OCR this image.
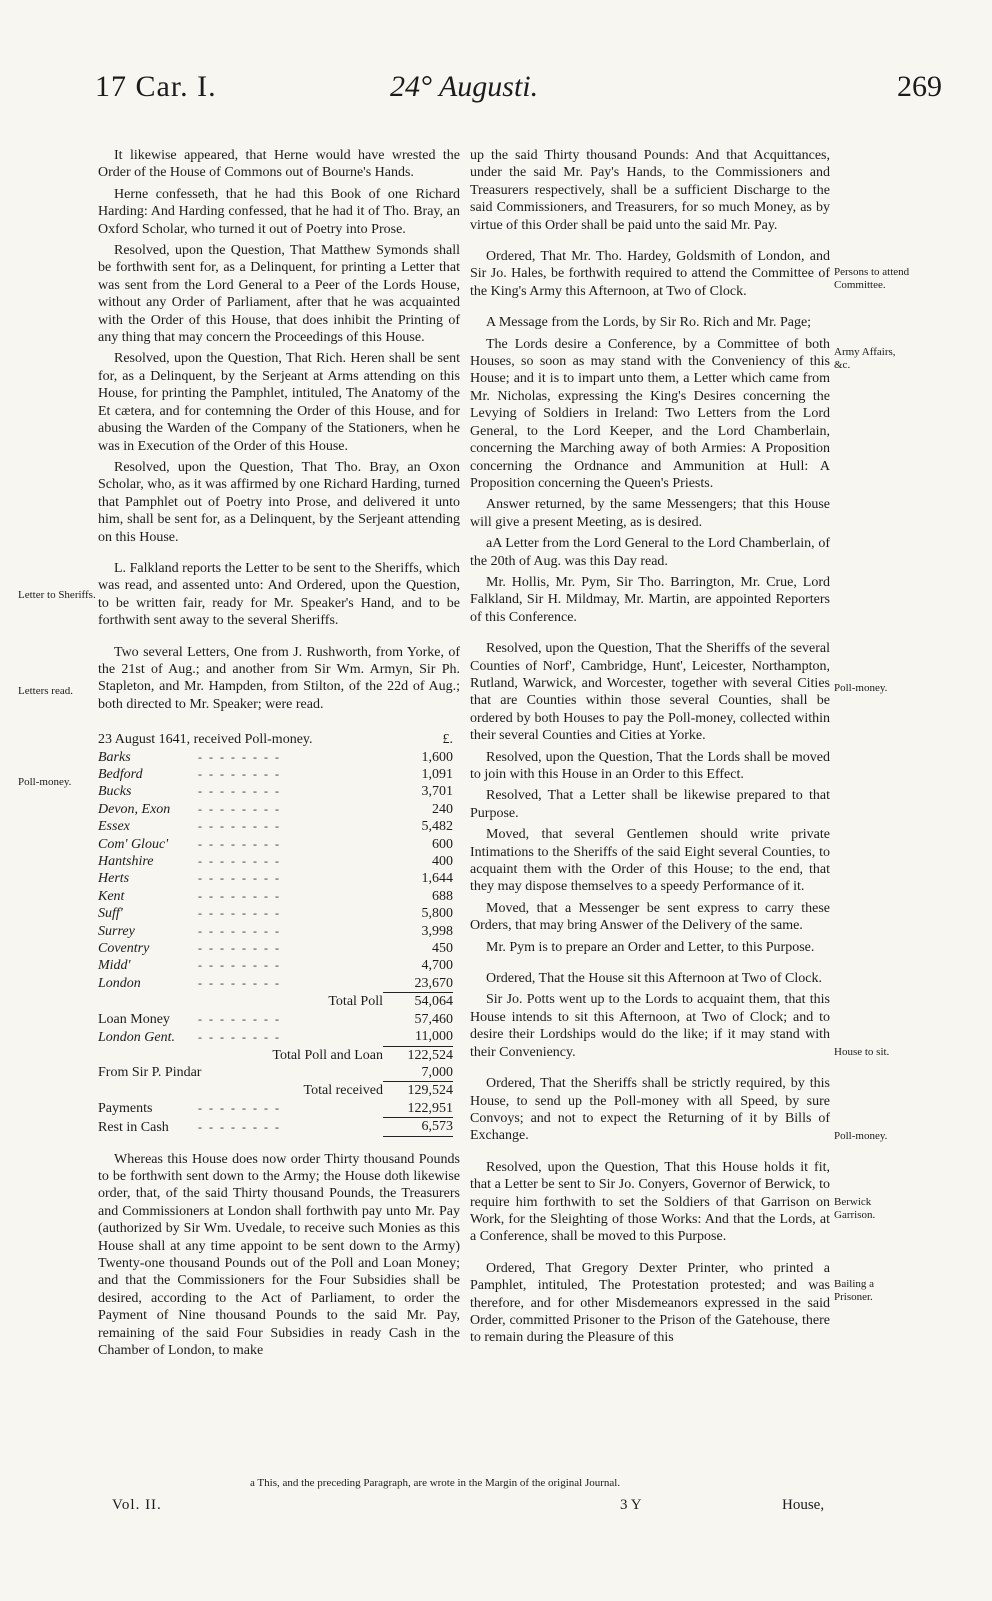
17 Car. I.	24° Augusti.	269
Letter to Sheriffs.
Letters read.
Poll-money.
Persons to attend Committee.
Army Affairs, &c.
Poll-money.
House to sit.
Poll-money.
Berwick Garrison.
Bailing a Prisoner.

It likewise appeared, that Herne would have wrested the Order of the House of Commons out of Bourne's Hands.

Herne confesseth, that he had this Book of one Richard Harding: And Harding confessed, that he had it of Tho. Bray, an Oxford Scholar, who turned it out of Poetry into Prose.

Resolved, upon the Question, That Matthew Symonds shall be forthwith sent for, as a Delinquent, for printing a Letter that was sent from the Lord General to a Peer of the Lords House, without any Order of Parliament, after that he was acquainted with the Order of this House, that does inhibit the Printing of any thing that may concern the Proceedings of this House.

Resolved, upon the Question, That Rich. Heren shall be sent for, as a Delinquent, by the Serjeant at Arms attending on this House, for printing the Pamphlet, intituled, The Anatomy of the Et cætera, and for contemning the Order of this House, and for abusing the Warden of the Company of the Stationers, when he was in Execution of the Order of this House.

Resolved, upon the Question, That Tho. Bray, an Oxon Scholar, who, as it was affirmed by one Richard Harding, turned that Pamphlet out of Poetry into Prose, and delivered it unto him, shall be sent for, as a Delinquent, by the Serjeant attending on this House.

L. Falkland reports the Letter to be sent to the Sheriffs, which was read, and assented unto: And Ordered, upon the Question, to be written fair, ready for Mr. Speaker's Hand, and to be forthwith sent away to the several Sheriffs.

Two several Letters, One from J. Rushworth, from Yorke, of the 21st of Aug.; and another from Sir Wm. Armyn, Sir Ph. Stapleton, and Mr. Hampden, from Stilton, of the 22d of Aug.; both directed to Mr. Speaker; were read.

23 August 1641, received Poll-money.		£.
Barks	- - - - - - - -	1,600
Bedford	- - - - - - - -	1,091
Bucks	- - - - - - - -	3,701
Devon, Exon	- - - - - - - -	240
Essex	- - - - - - - -	5,482
Com' Glouc'	- - - - - - - -	600
Hantshire	- - - - - - - -	400
Herts	- - - - - - - -	1,644
Kent	- - - - - - - -	688
Suff'	- - - - - - - -	5,800
Surrey	- - - - - - - -	3,998
Coventry	- - - - - - - -	450
Midd'	- - - - - - - -	4,700
London	- - - - - - - -	23,670
Total Poll		54,064
Loan Money	- - - - - - - -	57,460
London Gent.	- - - - - - - -	11,000
Total Poll and Loan		122,524
From Sir P. Pindar		7,000
Total received		129,524
Payments	- - - - - - - -	122,951
Rest in Cash	- - - - - - - -	6,573

Whereas this House does now order Thirty thousand Pounds to be forthwith sent down to the Army; the House doth likewise order, that, of the said Thirty thousand Pounds, the Treasurers and Commissioners at London shall forthwith pay unto Mr. Pay (authorized by Sir Wm. Uvedale, to receive such Monies as this House shall at any time appoint to be sent down to the Army) Twenty-one thousand Pounds out of the Poll and Loan Money; and that the Commissioners for the Four Subsidies shall be desired, according to the Act of Parliament, to order the Payment of Nine thousand Pounds to the said Mr. Pay, remaining of the said Four Subsidies in ready Cash in the Chamber of London, to make

up the said Thirty thousand Pounds: And that Acquittances, under the said Mr. Pay's Hands, to the Commissioners and Treasurers respectively, shall be a sufficient Discharge to the said Commissioners, and Treasurers, for so much Money, as by virtue of this Order shall be paid unto the said Mr. Pay.

Ordered, That Mr. Tho. Hardey, Goldsmith of London, and Sir Jo. Hales, be forthwith required to attend the Committee of the King's Army this Afternoon, at Two of Clock.

A Message from the Lords, by Sir Ro. Rich and Mr. Page;

The Lords desire a Conference, by a Committee of both Houses, so soon as may stand with the Conveniency of this House; and it is to impart unto them, a Letter which came from Mr. Nicholas, expressing the King's Desires concerning the Levying of Soldiers in Ireland: Two Letters from the Lord General, to the Lord Keeper, and the Lord Chamberlain, concerning the Marching away of both Armies: A Proposition concerning the Ordnance and Ammunition at Hull: A Proposition concerning the Queen's Priests.

Answer returned, by the same Messengers; that this House will give a present Meeting, as is desired.

aA Letter from the Lord General to the Lord Chamberlain, of the 20th of Aug. was this Day read.

Mr. Hollis, Mr. Pym, Sir Tho. Barrington, Mr. Crue, Lord Falkland, Sir H. Mildmay, Mr. Martin, are appointed Reporters of this Conference.

Resolved, upon the Question, That the Sheriffs of the several Counties of Norf', Cambridge, Hunt', Leicester, Northampton, Rutland, Warwick, and Worcester, together with several Cities that are Counties within those several Counties, shall be ordered by both Houses to pay the Poll-money, collected within their several Counties and Cities at Yorke.

Resolved, upon the Question, That the Lords shall be moved to join with this House in an Order to this Effect.

Resolved, That a Letter shall be likewise prepared to that Purpose.

Moved, that several Gentlemen should write private Intimations to the Sheriffs of the said Eight several Counties, to acquaint them with the Order of this House; to the end, that they may dispose themselves to a speedy Performance of it.

Moved, that a Messenger be sent express to carry these Orders, that may bring Answer of the Delivery of the same.

Mr. Pym is to prepare an Order and Letter, to this Purpose.

Ordered, That the House sit this Afternoon at Two of Clock.

Sir Jo. Potts went up to the Lords to acquaint them, that this House intends to sit this Afternoon, at Two of Clock; and to desire their Lordships would do the like; if it may stand with their Conveniency.

Ordered, That the Sheriffs shall be strictly required, by this House, to send up the Poll-money with all Speed, by sure Convoys; and not to expect the Returning of it by Bills of Exchange.

Resolved, upon the Question, That this House holds it fit, that a Letter be sent to Sir Jo. Conyers, Governor of Berwick, to require him forthwith to set the Soldiers of that Garrison on Work, for the Sleighting of those Works: And that the Lords, at a Conference, shall be moved to this Purpose.

Ordered, That Gregory Dexter Printer, who printed a Pamphlet, intituled, The Protestation protested; and was therefore, and for other Misdemeanors expressed in the said Order, committed Prisoner to the Prison of the Gatehouse, there to remain during the Pleasure of this

a This, and the preceding Paragraph, are wrote in the Margin of the original Journal.
Vol. II.	3 Y	House,
